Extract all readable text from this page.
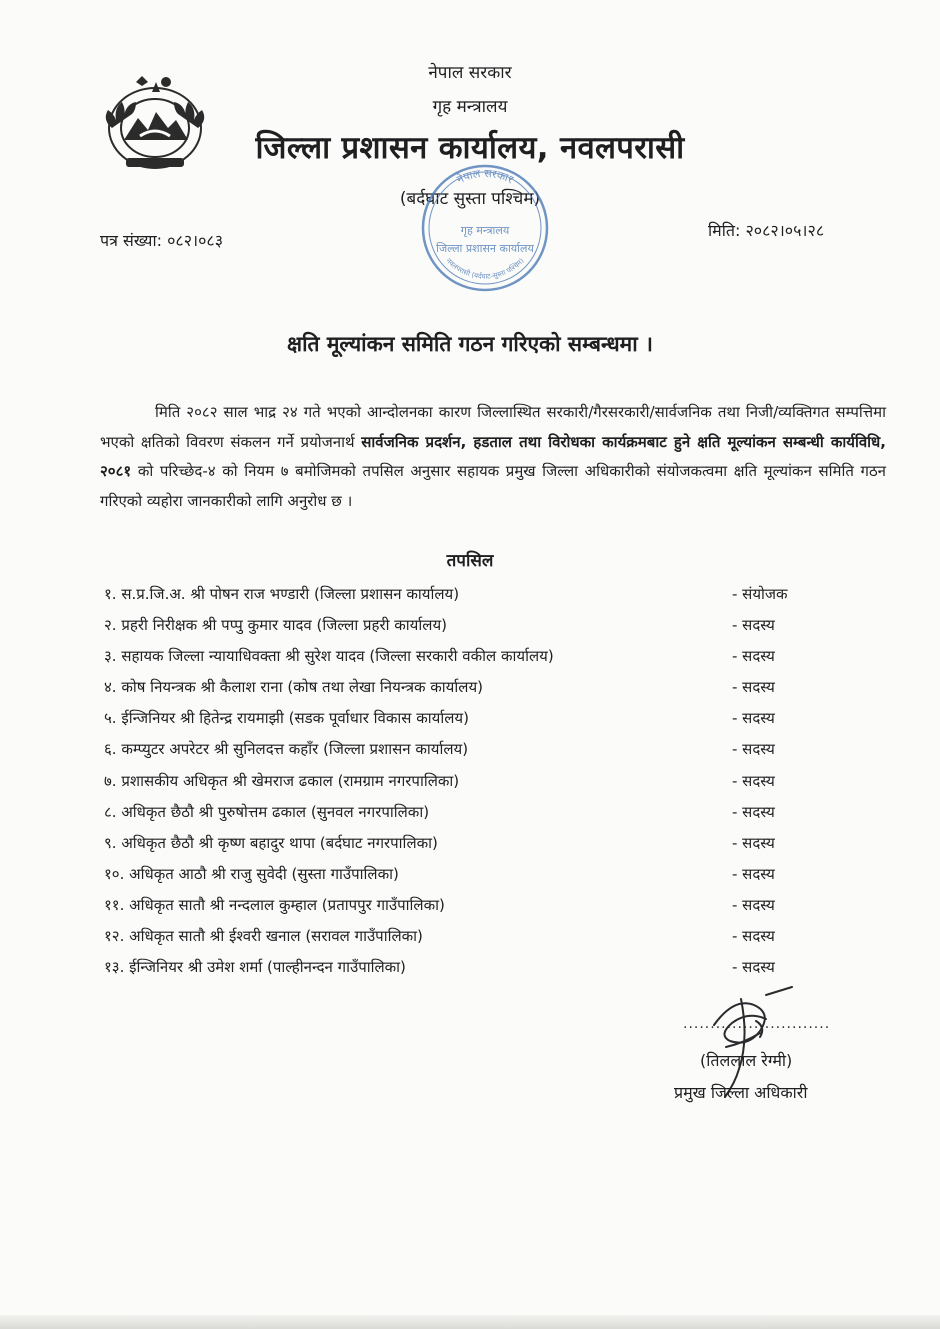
नेपाल सरकार
गृह मन्त्रालय
जिल्ला प्रशासन कार्यालय, नवलपरासी
(बर्दघाट सुस्ता पश्चिम)
पत्र संख्या: ०८२।०८३
मिति: २०८२।०५।२८
नेपाल सरकार
गृह मन्त्रालय
जिल्ला प्रशासन कार्यालय
नवलपरासी (बर्दघाट-सुस्ता पश्चिम)
क्षति मूल्यांकन समिति गठन गरिएको सम्बन्धमा ।
मिति २०८२ साल भाद्र २४ गते भएको आन्दोलनका कारण जिल्लास्थित सरकारी/गैरसरकारी/सार्वजनिक तथा निजी/व्यक्तिगत सम्पत्तिमा भएको क्षतिको विवरण संकलन गर्ने प्रयोजनार्थ सार्वजनिक प्रदर्शन, हडताल तथा विरोधका कार्यक्रमबाट हुने क्षति मूल्यांकन सम्बन्धी कार्यविधि, २०८१ को परिच्छेद-४ को नियम ७ बमोजिमको तपसिल अनुसार सहायक प्रमुख जिल्ला अधिकारीको संयोजकत्वमा क्षति मूल्यांकन समिति गठन गरिएको व्यहोरा जानकारीको लागि अनुरोध छ ।
तपसिल
१. स.प्र.जि.अ. श्री पोषन राज भण्डारी (जिल्ला प्रशासन कार्यालय)	- संयोजक
२. प्रहरी निरीक्षक श्री पप्पु कुमार यादव (जिल्ला प्रहरी कार्यालय)	- सदस्य
३. सहायक जिल्ला न्यायाधिवक्ता श्री सुरेश यादव (जिल्ला सरकारी वकील कार्यालय)	- सदस्य
४. कोष नियन्त्रक श्री कैलाश राना (कोष तथा लेखा नियन्त्रक कार्यालय)	- सदस्य
५. ईन्जिनियर श्री हितेन्द्र रायमाझी (सडक पूर्वाधार विकास कार्यालय)	- सदस्य
६. कम्प्युटर अपरेटर श्री सुनिलदत्त कहाँर (जिल्ला प्रशासन कार्यालय)	- सदस्य
७. प्रशासकीय अधिकृत श्री खेमराज ढकाल (रामग्राम नगरपालिका)	- सदस्य
८. अधिकृत छैठौ श्री पुरुषोत्तम ढकाल (सुनवल नगरपालिका)	- सदस्य
९. अधिकृत छैठौ श्री कृष्ण बहादुर थापा (बर्दघाट नगरपालिका)	- सदस्य
१०. अधिकृत आठौ श्री राजु सुवेदी (सुस्ता गाउँपालिका)	- सदस्य
११. अधिकृत सातौ श्री नन्दलाल कुम्हाल (प्रतापपुर गाउँपालिका)	- सदस्य
१२. अधिकृत सातौ श्री ईश्वरी खनाल (सरावल गाउँपालिका)	- सदस्य
१३. ईन्जिनियर श्री उमेश शर्मा (पाल्हीनन्दन गाउँपालिका)	- सदस्य
...........................
(तिललाल रेग्मी)
प्रमुख जिल्ला अधिकारी
